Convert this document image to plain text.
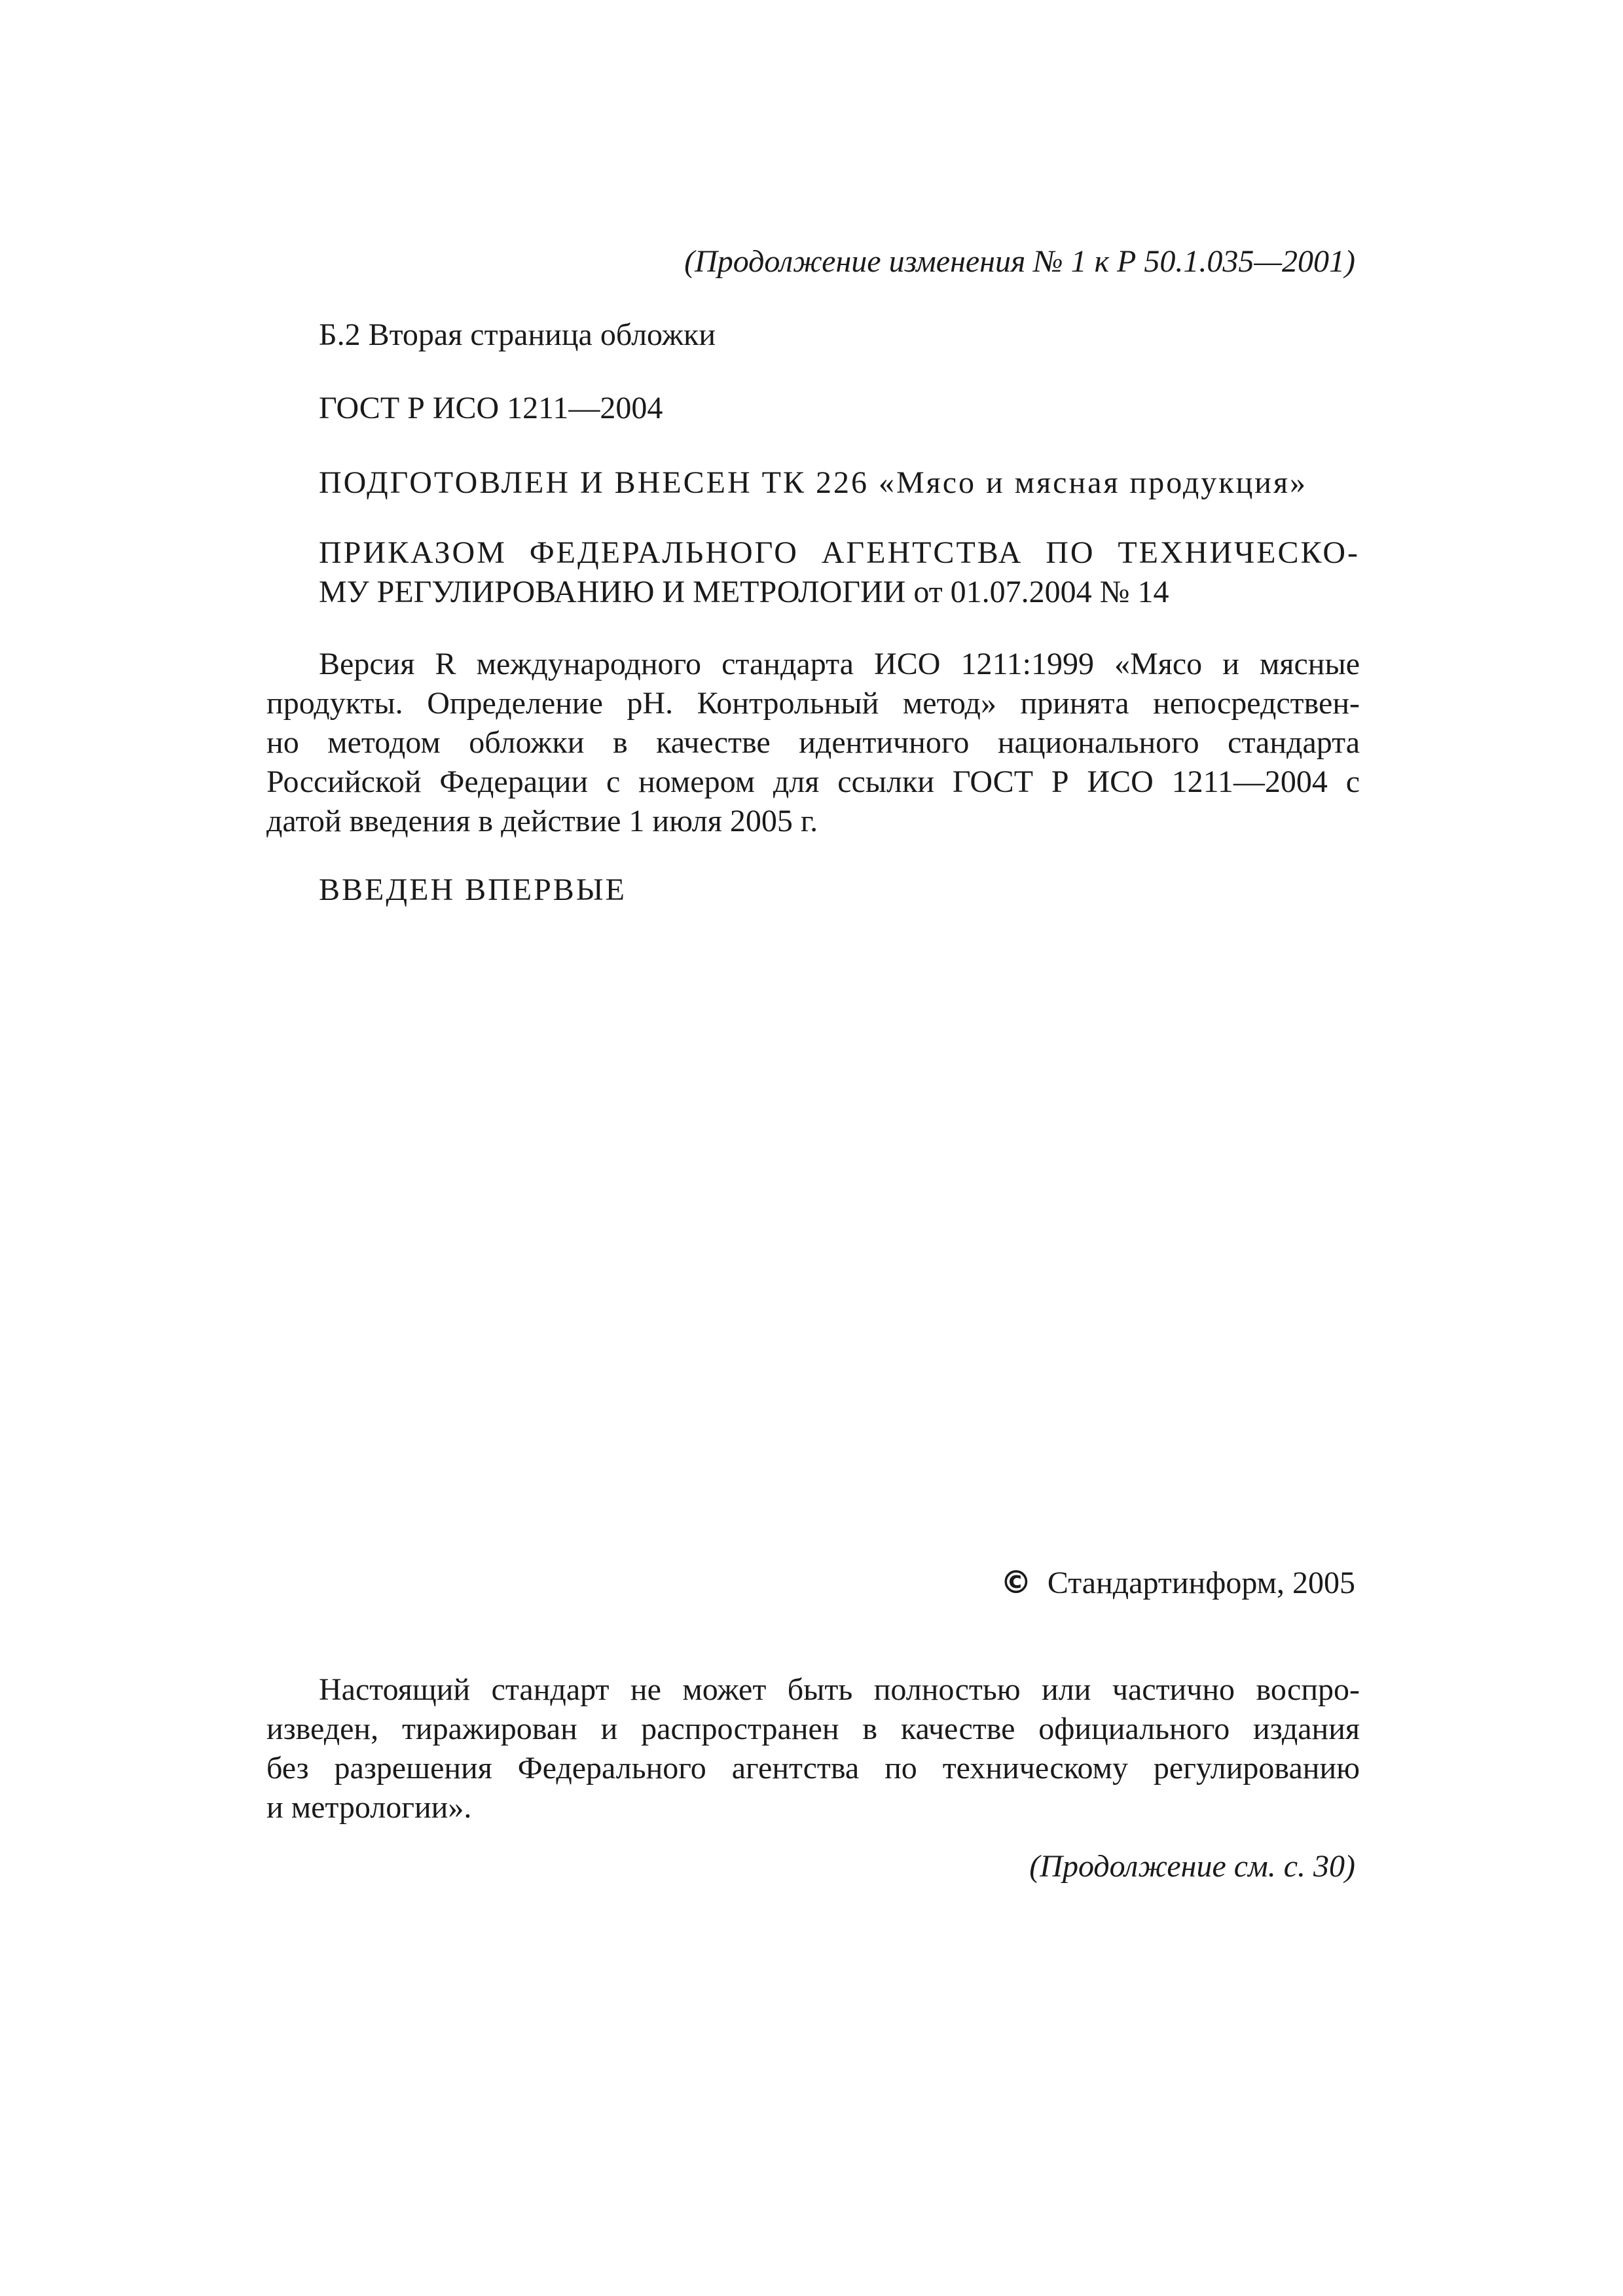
(Продолжение изменения № 1 к Р 50.1.035—2001)
Б.2 Вторая страница обложки
ГОСТ Р ИСО 1211—2004
ПОДГОТОВЛЕН И ВНЕСЕН ТК 226 «Мясо и мясная продукция»
ПРИКАЗОМ ФЕДЕРАЛЬНОГО АГЕНТСТВА ПО ТЕХНИЧЕСКО-
МУ РЕГУЛИРОВАНИЮ И МЕТРОЛОГИИ от 01.07.2004 № 14
Версия R международного стандарта ИСО 1211:1999 «Мясо и мясные
продукты. Определение pH. Контрольный метод» принята непосредствен-
но методом обложки в качестве идентичного национального стандарта
Российской Федерации с номером для ссылки ГОСТ Р ИСО 1211—2004 с
датой введения в действие 1 июля 2005 г.
ВВЕДЕН ВПЕРВЫЕ
© Стандартинформ, 2005
Настоящий стандарт не может быть полностью или частично воспро-
изведен, тиражирован и распространен в качестве официального издания
без разрешения Федерального агентства по техническому регулированию
и метрологии».
(Продолжение см. с. 30)
